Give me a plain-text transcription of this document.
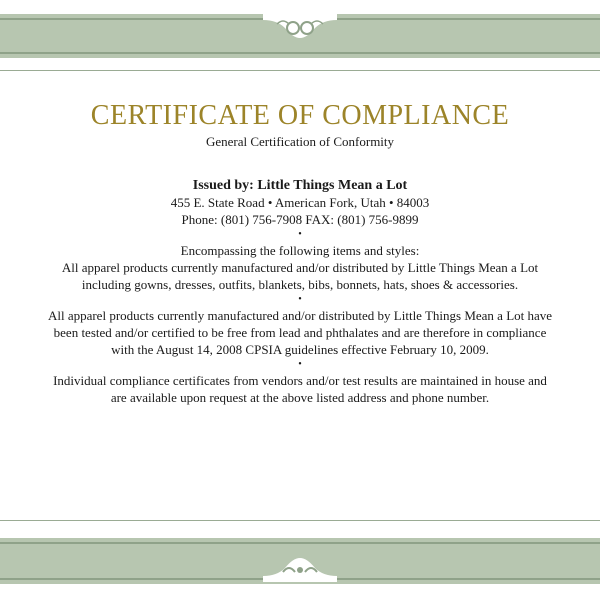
CERTIFICATE OF COMPLIANCE
General Certification of Conformity
Issued by: Little Things Mean a Lot
455 E. State Road • American Fork, Utah • 84003
Phone: (801) 756-7908 FAX: (801) 756-9899
•
Encompassing the following items and styles:
All apparel products currently manufactured and/or distributed by Little Things Mean a Lot
including gowns, dresses, outfits, blankets, bibs, bonnets, hats, shoes & accessories.
•
All apparel products currently manufactured and/or distributed by Little Things Mean a Lot have
been tested and/or certified to be free from lead and phthalates and are therefore in compliance
with the August 14, 2008 CPSIA guidelines effective February 10, 2009.
•
Individual compliance certificates from vendors and/or test results are maintained in house and
are available upon request at the above listed address and phone number.
